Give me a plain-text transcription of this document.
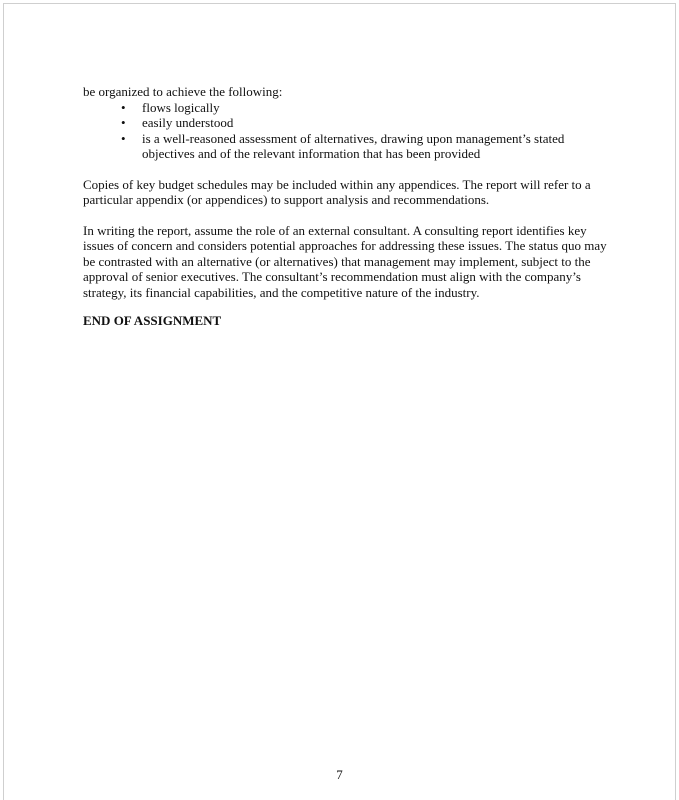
be organized to achieve the following:

• flows logically
• easily understood
• is a well-reasoned assessment of alternatives, drawing upon management’s stated objectives and of the relevant information that has been provided

Copies of key budget schedules may be included within any appendices. The report will refer to a particular appendix (or appendices) to support analysis and recommendations.

In writing the report, assume the role of an external consultant. A consulting report identifies key issues of concern and considers potential approaches for addressing these issues. The status quo may be contrasted with an alternative (or alternatives) that management may implement, subject to the approval of senior executives. The consultant’s recommendation must align with the company’s strategy, its financial capabilities, and the competitive nature of the industry.

END OF ASSIGNMENT

7
